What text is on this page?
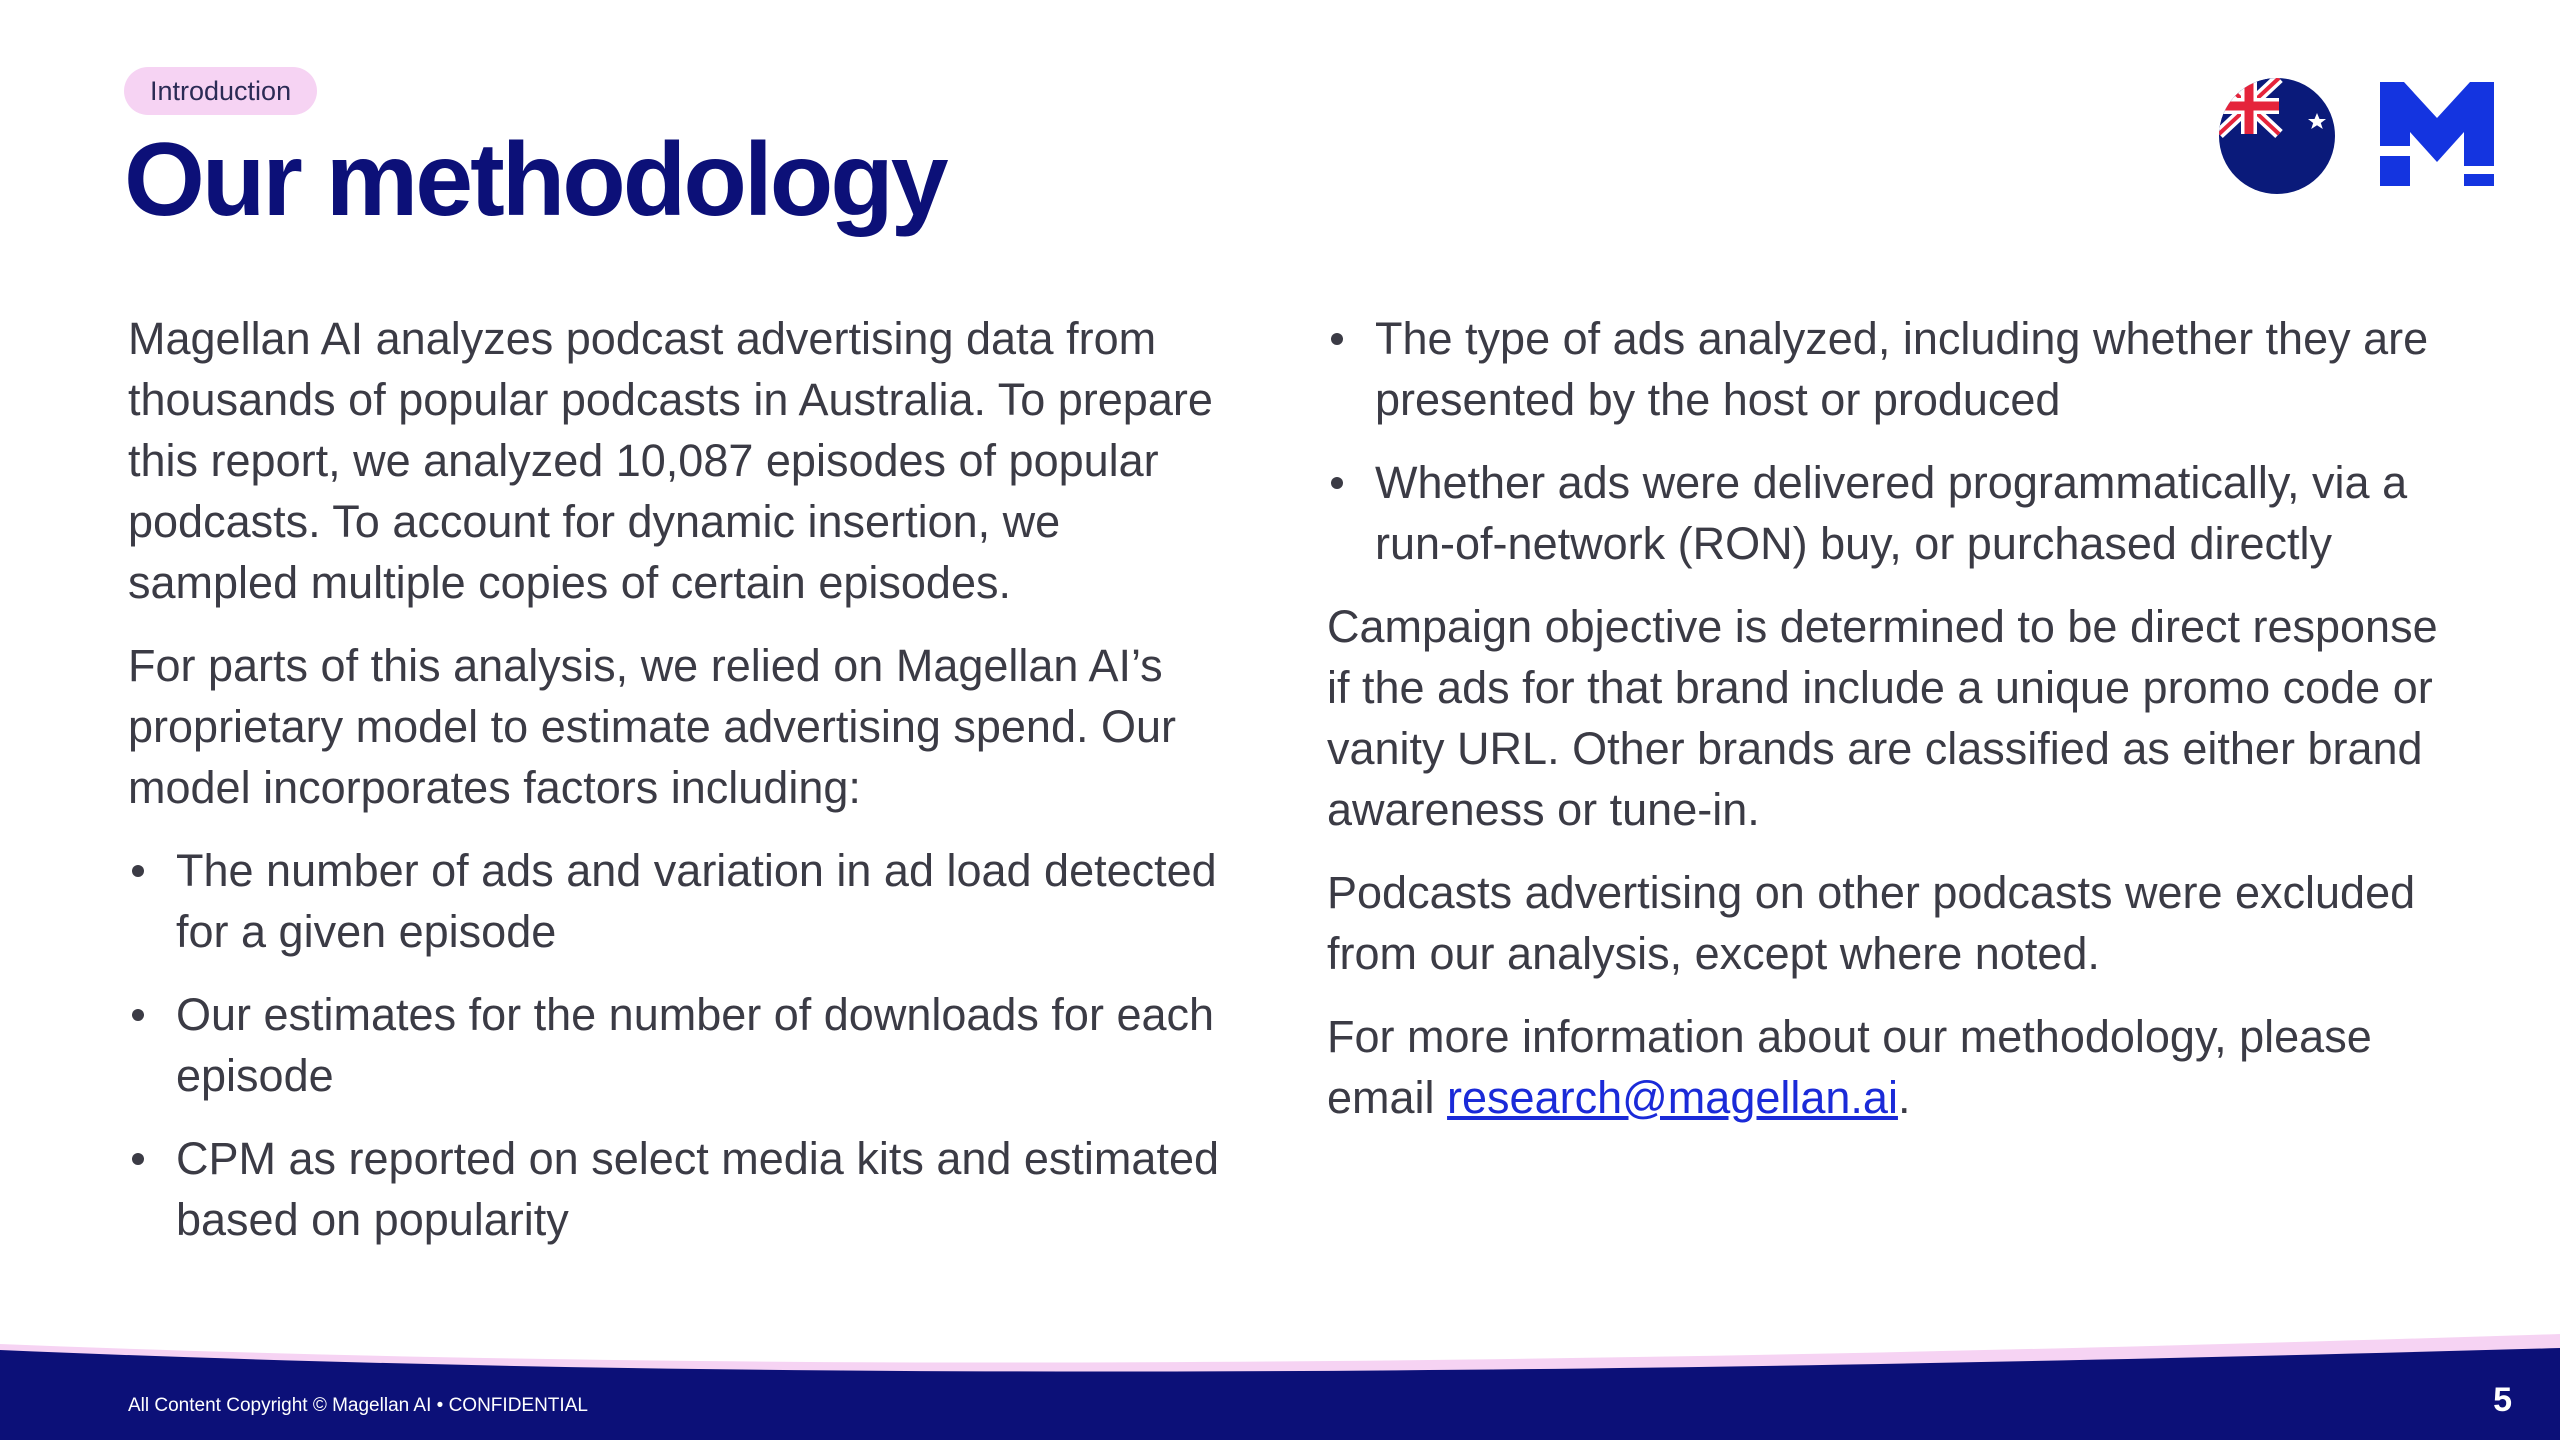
Introduction
Our methodology

Magellan AI analyzes podcast advertising data from thousands of popular podcasts in Australia. To prepare this report, we analyzed 10,087 episodes of popular podcasts. To account for dynamic insertion, we sampled multiple copies of certain episodes.

For parts of this analysis, we relied on Magellan AI’s proprietary model to estimate advertising spend. Our model incorporates factors including:

The number of ads and variation in ad load detected for a given episode
Our estimates for the number of downloads for each episode
CPM as reported on select media kits and estimated based on popularity
The type of ads analyzed, including whether they are presented by the host or produced
Whether ads were delivered programmatically, via a run-of-network (RON) buy, or purchased directly

Campaign objective is determined to be direct response if the ads for that brand include a unique promo code or vanity URL. Other brands are classified as either brand awareness or tune-in.

Podcasts advertising on other podcasts were excluded from our analysis, except where noted.

For more information about our methodology, please email research@magellan.ai.

All Content Copyright © Magellan AI • CONFIDENTIAL	5
